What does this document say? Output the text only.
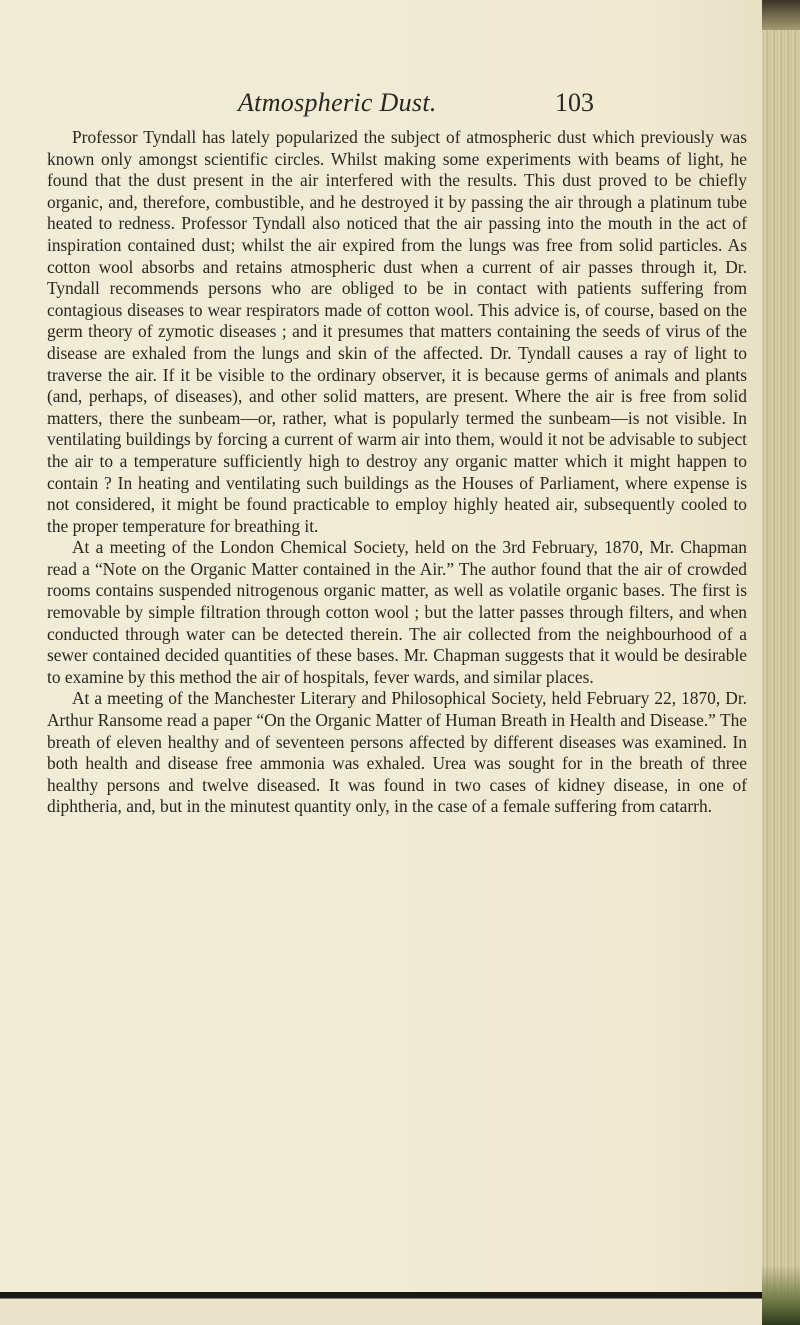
Atmospheric Dust.	103

Professor Tyndall has lately popularized the subject of atmospheric dust which previously was known only amongst scientific circles. Whilst making some experiments with beams of light, he found that the dust present in the air interfered with the results. This dust proved to be chiefly organic, and, therefore, combustible, and he destroyed it by passing the air through a platinum tube heated to redness. Professor Tyndall also noticed that the air passing into the mouth in the act of inspiration contained dust; whilst the air expired from the lungs was free from solid particles. As cotton wool absorbs and retains atmospheric dust when a current of air passes through it, Dr. Tyndall recommends persons who are obliged to be in contact with patients suffering from contagious diseases to wear respirators made of cotton wool. This advice is, of course, based on the germ theory of zymotic diseases ; and it presumes that matters containing the seeds of virus of the disease are exhaled from the lungs and skin of the affected. Dr. Tyndall causes a ray of light to traverse the air. If it be visible to the ordinary observer, it is because germs of animals and plants (and, perhaps, of diseases), and other solid matters, are present. Where the air is free from solid matters, there the sunbeam—or, rather, what is popularly termed the sunbeam—is not visible. In ventilating buildings by forcing a current of warm air into them, would it not be advisable to subject the air to a temperature sufficiently high to destroy any organic matter which it might happen to contain ? In heating and ventilating such buildings as the Houses of Parliament, where expense is not considered, it might be found practicable to employ highly heated air, subsequently cooled to the proper temperature for breathing it.

At a meeting of the London Chemical Society, held on the 3rd February, 1870, Mr. Chapman read a “Note on the Organic Matter contained in the Air.” The author found that the air of crowded rooms contains suspended nitrogenous organic matter, as well as volatile organic bases. The first is removable by simple filtration through cotton wool ; but the latter passes through filters, and when conducted through water can be detected therein. The air collected from the neighbourhood of a sewer contained decided quantities of these bases. Mr. Chapman suggests that it would be desirable to examine by this method the air of hospitals, fever wards, and similar places.

At a meeting of the Manchester Literary and Philosophical Society, held February 22, 1870, Dr. Arthur Ransome read a paper “On the Organic Matter of Human Breath in Health and Disease.” The breath of eleven healthy and of seventeen persons affected by different diseases was examined. In both health and disease free ammonia was exhaled. Urea was sought for in the breath of three healthy persons and twelve diseased. It was found in two cases of kidney disease, in one of diphtheria, and, but in the minutest quantity only, in the case of a female suffering from catarrh.
